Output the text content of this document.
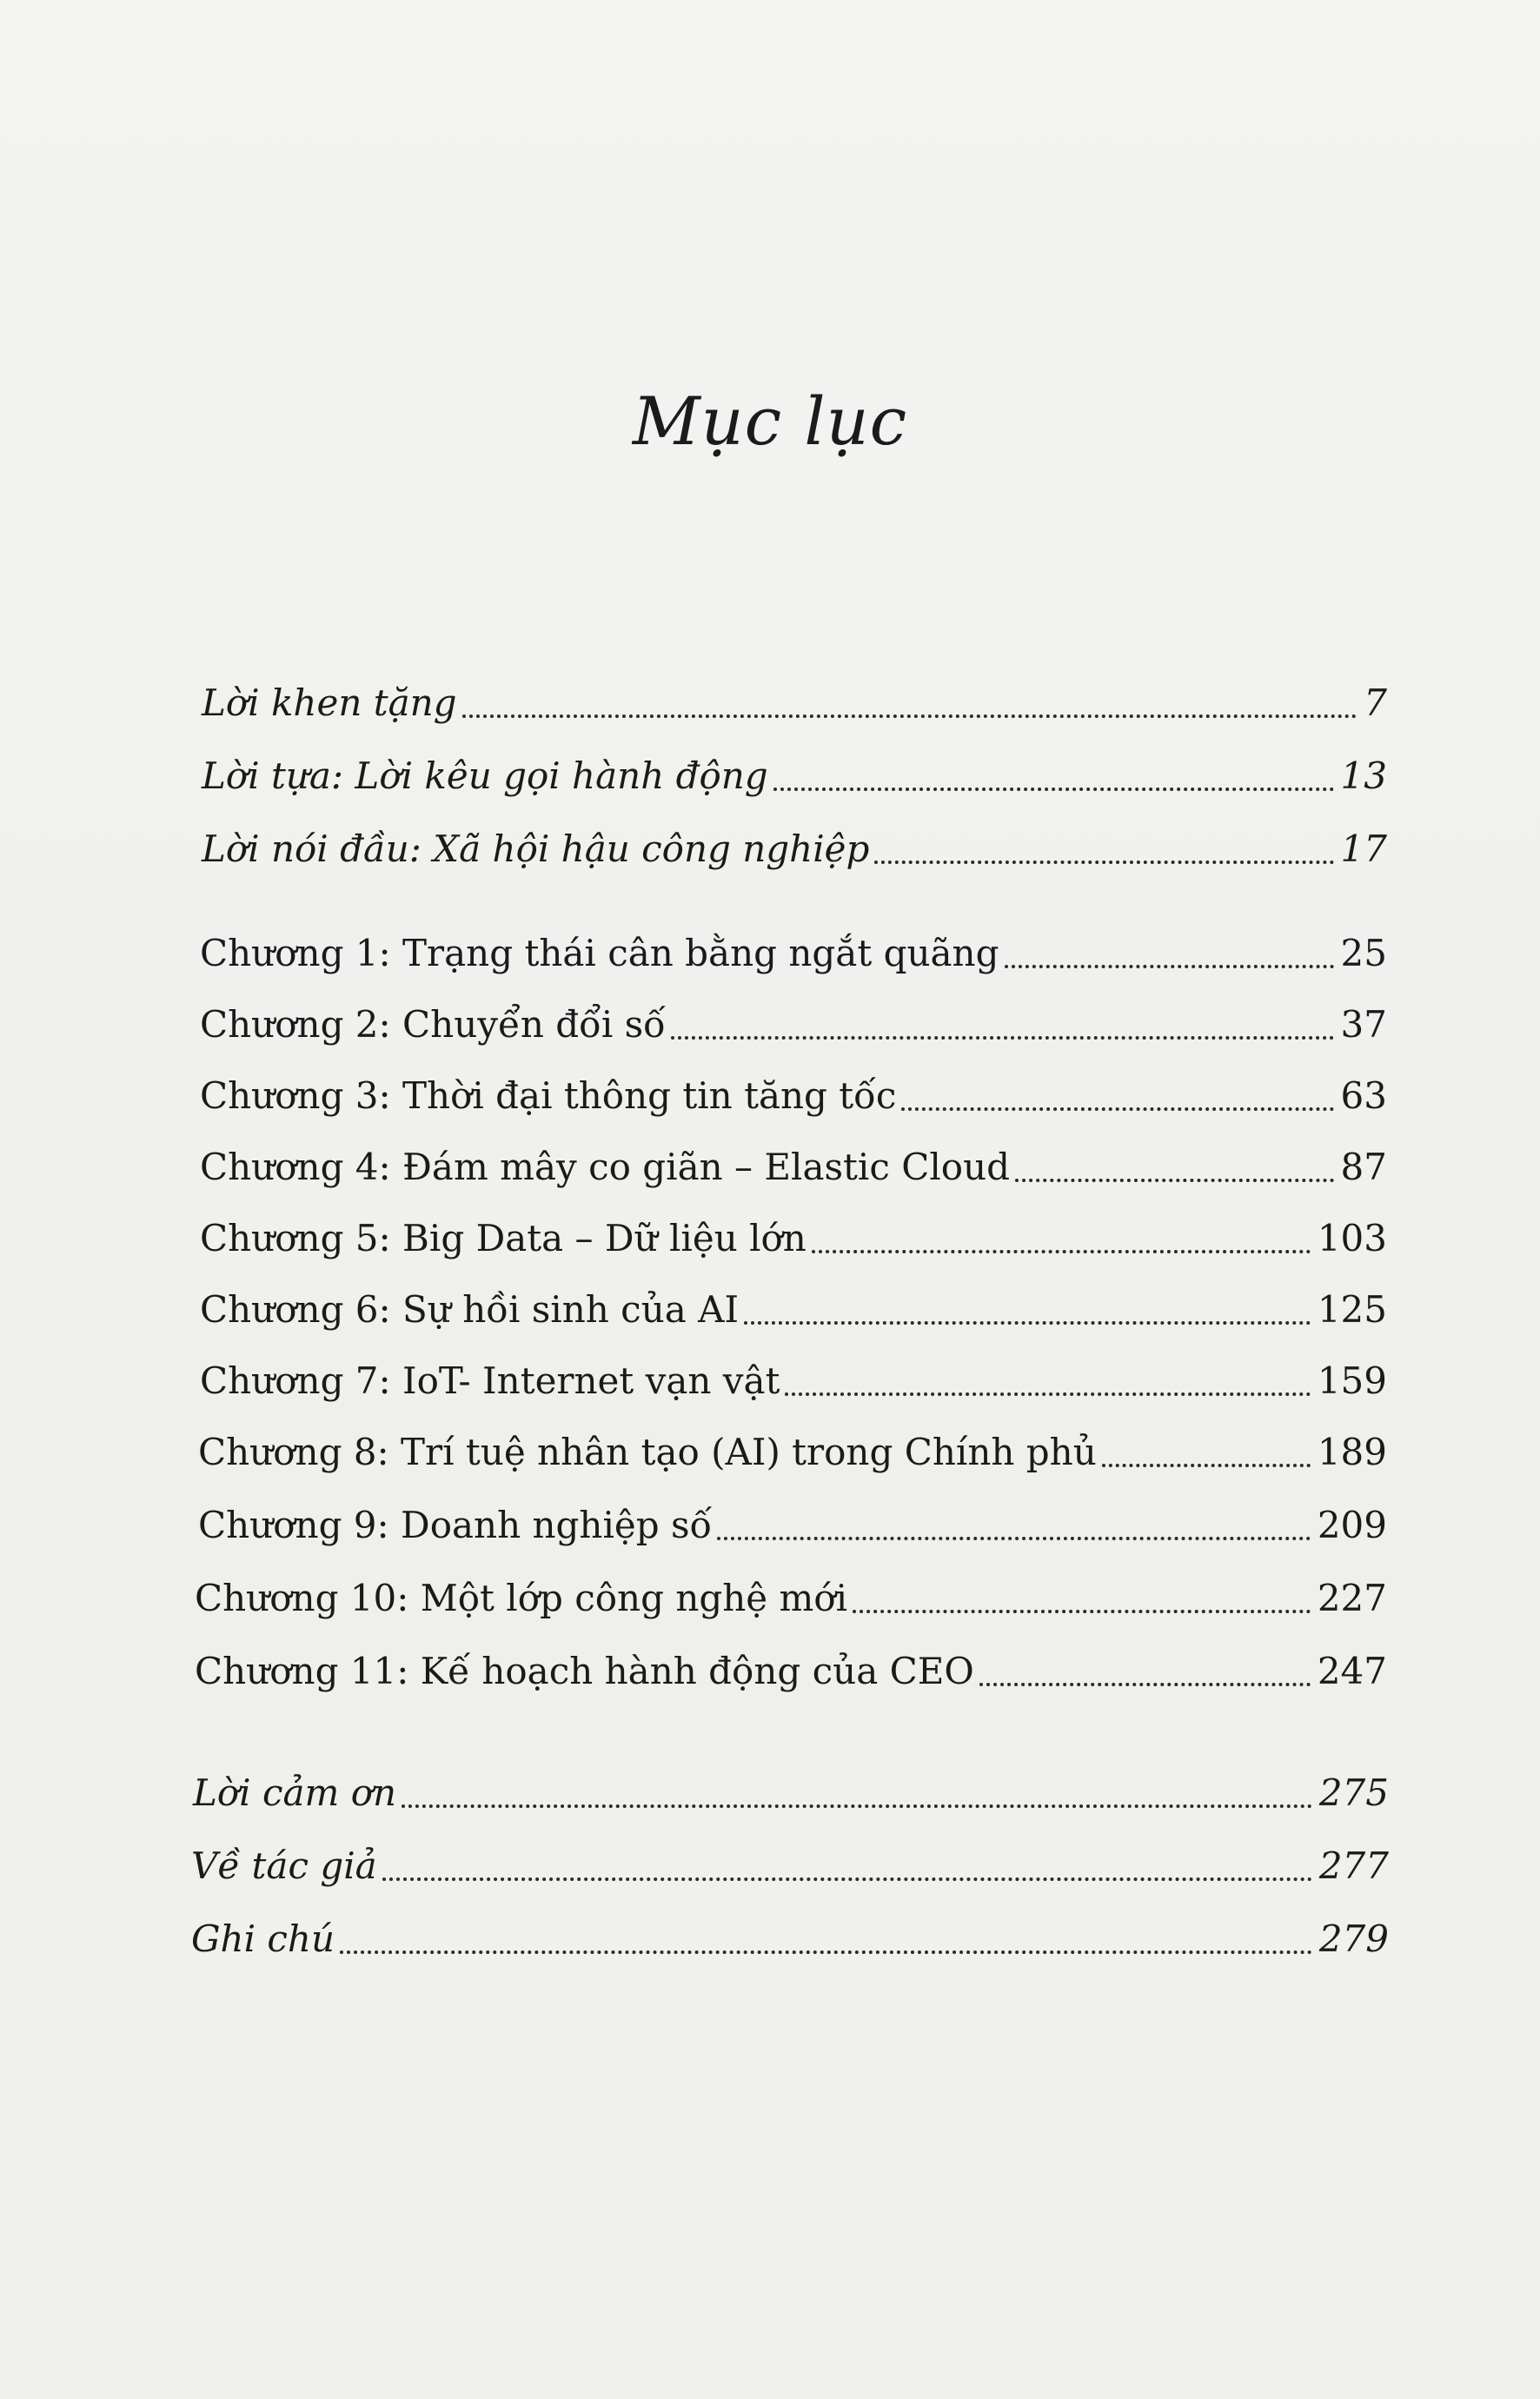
Mục lục
Lời khen tặng	7
Lời tựa: Lời kêu gọi hành động	13
Lời nói đầu: Xã hội hậu công nghiệp	17
Chương 1: Trạng thái cân bằng ngắt quãng	25
Chương 2: Chuyển đổi số	37
Chương 3: Thời đại thông tin tăng tốc	63
Chương 4: Đám mây co giãn – Elastic Cloud	87
Chương 5: Big Data – Dữ liệu lớn	103
Chương 6: Sự hồi sinh của AI	125
Chương 7: IoT- Internet vạn vật	159
Chương 8: Trí tuệ nhân tạo (AI) trong Chính phủ	189
Chương 9: Doanh nghiệp số	209
Chương 10: Một lớp công nghệ mới	227
Chương 11: Kế hoạch hành động của CEO	247
Lời cảm ơn	275
Về tác giả	277
Ghi chú	279
